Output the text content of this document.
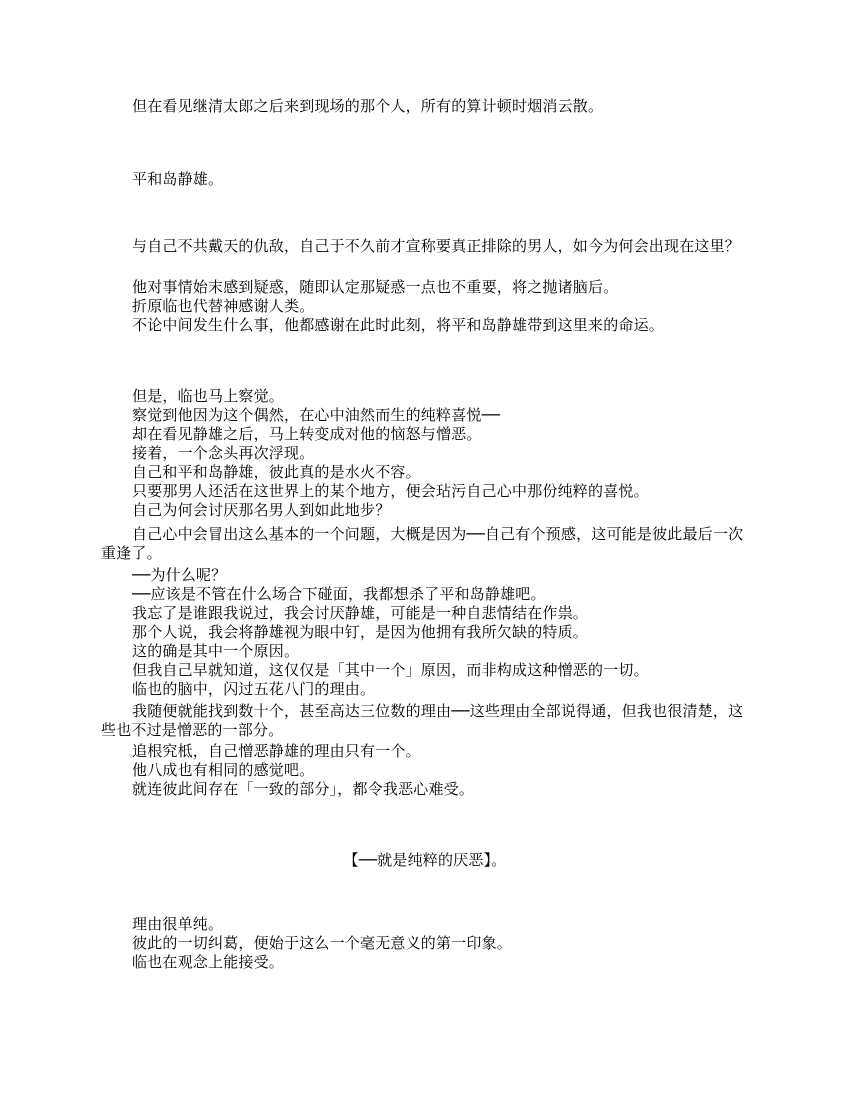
但在看见继清太郎之后来到现场的那个人，所有的算计顿时烟消云散。
平和岛静雄。
与自己不共戴天的仇敌，自己于不久前才宣称要真正排除的男人，如今为何会出现在这里？
他对事情始末感到疑惑，随即认定那疑惑一点也不重要，将之抛诸脑后。
折原临也代替神感谢人类。
不论中间发生什么事，他都感谢在此时此刻，将平和岛静雄带到这里来的命运。
但是，临也马上察觉。
察觉到他因为这个偶然，在心中油然而生的纯粹喜悦──
却在看见静雄之后，马上转变成对他的恼怒与憎恶。
接着，一个念头再次浮现。
自己和平和岛静雄，彼此真的是水火不容。
只要那男人还活在这世界上的某个地方，便会玷污自己心中那份纯粹的喜悦。
自己为何会讨厌那名男人到如此地步？
自己心中会冒出这么基本的一个问题，大概是因为──自己有个预感，这可能是彼此最后一次重逢了。
──为什么呢？
──应该是不管在什么场合下碰面，我都想杀了平和岛静雄吧。
我忘了是谁跟我说过，我会讨厌静雄，可能是一种自悲情结在作祟。
那个人说，我会将静雄视为眼中钉，是因为他拥有我所欠缺的特质。
这的确是其中一个原因。
但我自己早就知道，这仅仅是「其中一个」原因，而非构成这种憎恶的一切。
临也的脑中，闪过五花八门的理由。
我随便就能找到数十个，甚至高达三位数的理由──这些理由全部说得通，但我也很清楚，这些也不过是憎恶的一部分。
追根究柢，自己憎恶静雄的理由只有一个。
他八成也有相同的感觉吧。
就连彼此间存在「一致的部分」，都令我恶心难受。
【──就是纯粹的厌恶】。
理由很单纯。
彼此的一切纠葛，便始于这么一个毫无意义的第一印象。
临也在观念上能接受。
